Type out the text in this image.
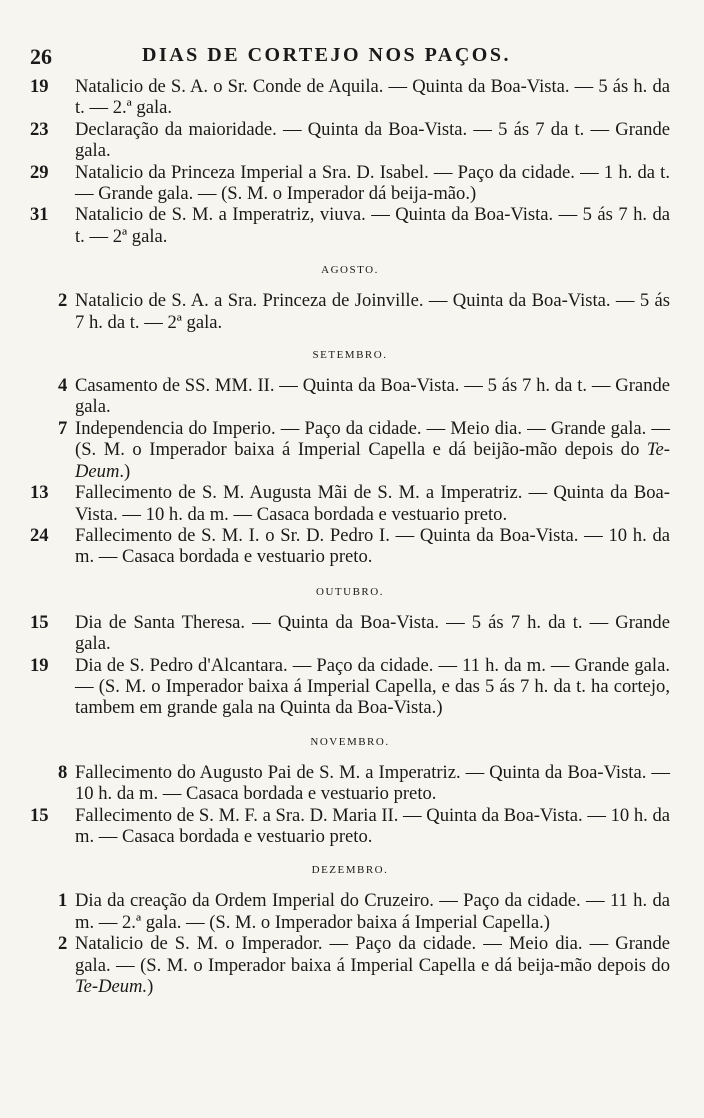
26	DIAS DE CORTEJO NOS PAÇOS.

19 Natalicio de S. A. o Sr. Conde de Aquila. — Quinta da Boa-Vista. — 5 ás h. da t. — 2.ª gala.

23 Declaração da maioridade. — Quinta da Boa-Vista. — 5 ás 7 da t. — Grande gala.

29 Natalicio da Princeza Imperial a Sra. D. Isabel. — Paço da cidade. — 1 h. da t. — Grande gala. — (S. M. o Imperador dá beija-mão.)

31 Natalicio de S. M. a Imperatriz, viuva. — Quinta da Boa-Vista. — 5 ás 7 h. da t. — 2ª gala.

AGOSTO.

2 Natalicio de S. A. a Sra. Princeza de Joinville. — Quinta da Boa-Vista. — 5 ás 7 h. da t. — 2ª gala.

SETEMBRO.

4 Casamento de SS. MM. II. — Quinta da Boa-Vista. — 5 ás 7 h. da t. — Grande gala.

7 Independencia do Imperio. — Paço da cidade. — Meio dia. — Grande gala. — (S. M. o Imperador baixa á Imperial Capella e dá beijão-mão depois do Te-Deum.)

13 Fallecimento de S. M. Augusta Mãi de S. M. a Imperatriz. — Quinta da Boa-Vista. — 10 h. da m. — Casaca bordada e vestuario preto.

24 Fallecimento de S. M. I. o Sr. D. Pedro I. — Quinta da Boa-Vista. — 10 h. da m. — Casaca bordada e vestuario preto.

OUTUBRO.

15 Dia de Santa Theresa. — Quinta da Boa-Vista. — 5 ás 7 h. da t. — Grande gala.

19 Dia de S. Pedro d'Alcantara. — Paço da cidade. — 11 h. da m. — Grande gala. — (S. M. o Imperador baixa á Imperial Capella, e das 5 ás 7 h. da t. ha cortejo, tambem em grande gala na Quinta da Boa-Vista.)

NOVEMBRO.

8 Fallecimento do Augusto Pai de S. M. a Imperatriz. — Quinta da Boa-Vista. — 10 h. da m. — Casaca bordada e vestuario preto.

15 Fallecimento de S. M. F. a Sra. D. Maria II. — Quinta da Boa-Vista. — 10 h. da m. — Casaca bordada e vestuario preto.

DEZEMBRO.

1 Dia da creação da Ordem Imperial do Cruzeiro. — Paço da cidade. — 11 h. da m. — 2.ª gala. — (S. M. o Imperador baixa á Imperial Capella.)

2 Natalicio de S. M. o Imperador. — Paço da cidade. — Meio dia. — Grande gala. — (S. M. o Imperador baixa á Imperial Capella e dá beija-mão depois do Te-Deum.)
